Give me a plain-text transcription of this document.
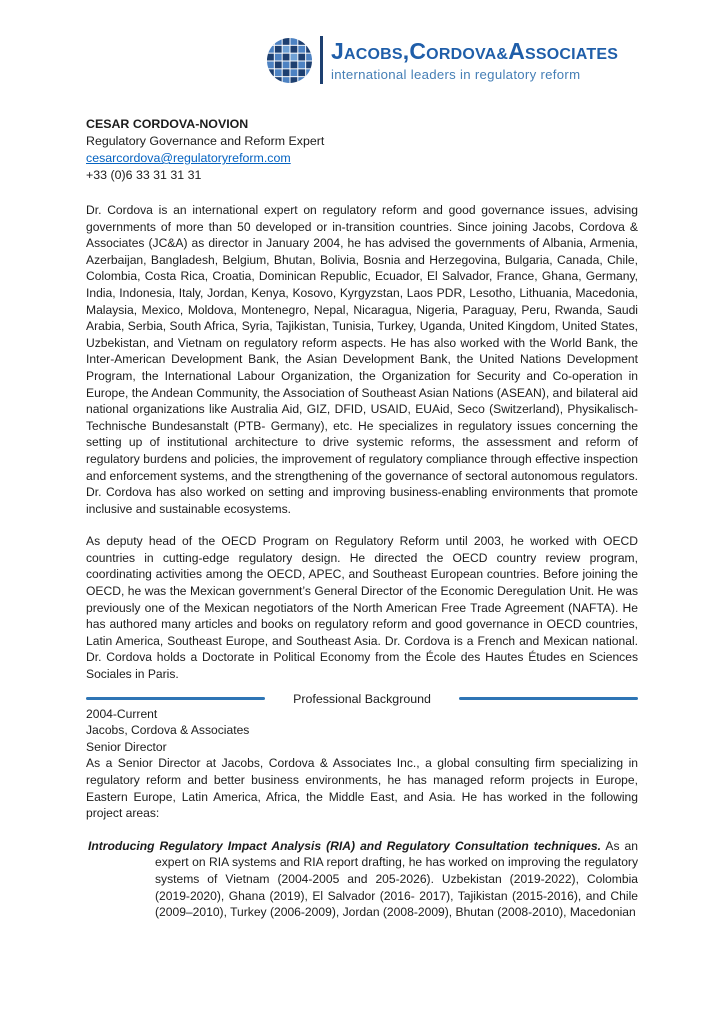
Jacobs,Cordova&Associates
international leaders in regulatory reform
CESAR CORDOVA-NOVION
Regulatory Governance and Reform Expert
cesarcordova@regulatoryreform.com
+33 (0)6 33 31 31 31

Dr. Cordova is an international expert on regulatory reform and good governance issues, advising governments of more than 50 developed or in-transition countries. Since joining Jacobs, Cordova & Associates (JC&A) as director in January 2004, he has advised the governments of Albania, Armenia, Azerbaijan, Bangladesh, Belgium, Bhutan, Bolivia, Bosnia and Herzegovina, Bulgaria, Canada, Chile, Colombia, Costa Rica, Croatia, Dominican Republic, Ecuador, El Salvador, France, Ghana, Germany, India, Indonesia, Italy, Jordan, Kenya, Kosovo, Kyrgyzstan, Laos PDR, Lesotho, Lithuania, Macedonia, Malaysia, Mexico, Moldova, Montenegro, Nepal, Nicaragua, Nigeria, Paraguay, Peru, Rwanda, Saudi Arabia, Serbia, South Africa, Syria, Tajikistan, Tunisia, Turkey, Uganda, United Kingdom, United States, Uzbekistan, and Vietnam on regulatory reform aspects. He has also worked with the World Bank, the Inter-American Development Bank, the Asian Development Bank, the United Nations Development Program, the International Labour Organization, the Organization for Security and Co-operation in Europe, the Andean Community, the Association of Southeast Asian Nations (ASEAN), and bilateral aid national organizations like Australia Aid, GIZ, DFID, USAID, EUAid, Seco (Switzerland), Physikalisch-Technische Bundesanstalt (PTB- Germany), etc. He specializes in regulatory issues concerning the setting up of institutional architecture to drive systemic reforms, the assessment and reform of regulatory burdens and policies, the improvement of regulatory compliance through effective inspection and enforcement systems, and the strengthening of the governance of sectoral autonomous regulators. Dr. Cordova has also worked on setting and improving business-enabling environments that promote inclusive and sustainable ecosystems.

As deputy head of the OECD Program on Regulatory Reform until 2003, he worked with OECD countries in cutting-edge regulatory design. He directed the OECD country review program, coordinating activities among the OECD, APEC, and Southeast European countries. Before joining the OECD, he was the Mexican government’s General Director of the Economic Deregulation Unit. He was previously one of the Mexican negotiators of the North American Free Trade Agreement (NAFTA). He has authored many articles and books on regulatory reform and good governance in OECD countries, Latin America, Southeast Europe, and Southeast Asia. Dr. Cordova is a French and Mexican national. Dr. Cordova holds a Doctorate in Political Economy from the École des Hautes Études en Sciences Sociales in Paris.

Professional Background
2004-Current
Jacobs, Cordova & Associates
Senior Director

As a Senior Director at Jacobs, Cordova & Associates Inc., a global consulting firm specializing in regulatory reform and better business environments, he has managed reform projects in Europe, Eastern Europe, Latin America, Africa, the Middle East, and Asia. He has worked in the following project areas:

Introducing Regulatory Impact Analysis (RIA) and Regulatory Consultation techniques. As an expert on RIA systems and RIA report drafting, he has worked on improving the regulatory systems of Vietnam (2004-2005 and 205-2026). Uzbekistan (2019-2022), Colombia (2019-2020), Ghana (2019), El Salvador (2016- 2017), Tajikistan (2015-2016), and Chile (2009–2010), Turkey (2006-2009), Jordan (2008-2009), Bhutan (2008-2010), Macedonian
